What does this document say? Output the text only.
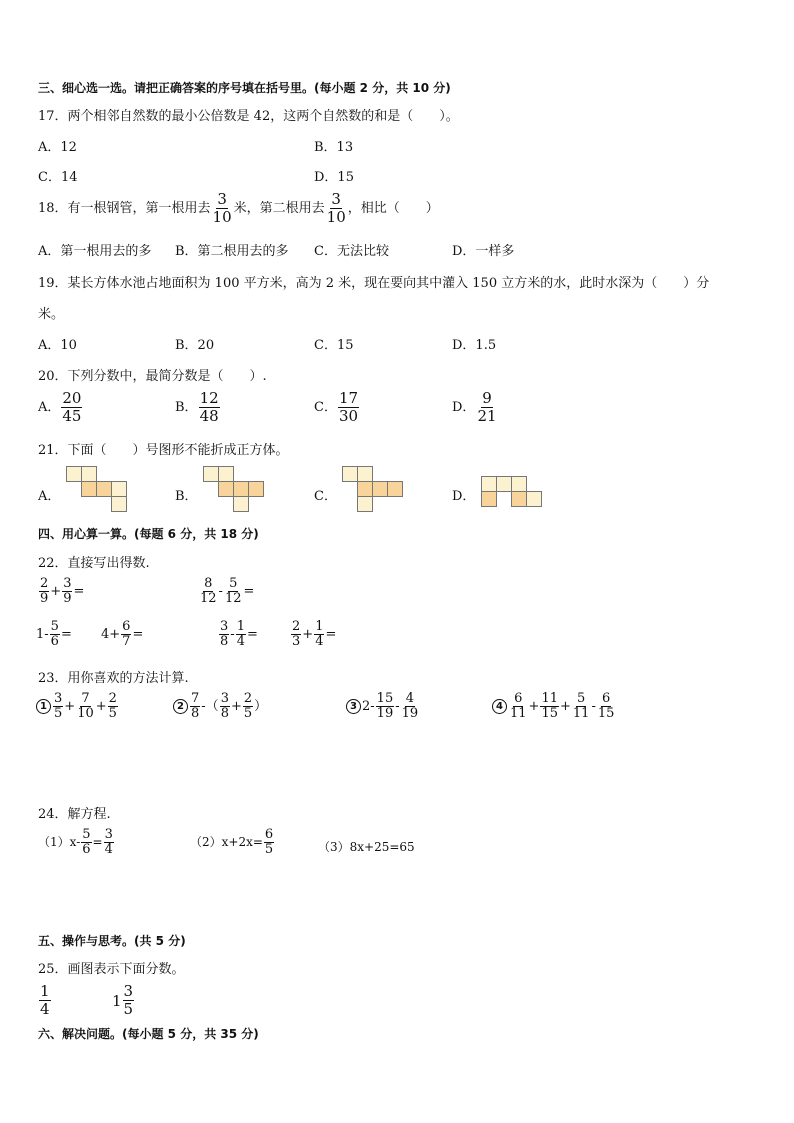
三、细心选一选。请把正确答案的序号填在括号里。(每小题 2 分，共 10 分)
17．两个相邻自然数的最小公倍数是 42，这两个自然数的和是（　　）。
A．12	B．13
C．14	D．15
18．有一根钢管，第一根用去 $\frac{3}{10}$ 米，第二根用去 $\frac{3}{10}$ ，相比（　　）
A．第一根用去的多 B．第二根用去的多 C．无法比较	D．一样多
19．某长方体水池占地面积为 100 平方米，高为 2 米，现在要向其中灌入 150 立方米的水，此时水深为（　　）分
米。
A．10	B．20	C．15	D．1.5
20．下列分数中，最简分数是（　　）.
A． $\frac{20}{45}$	B． $\frac{12}{48}$	C． $\frac{17}{30}$	D． $\frac{9}{21}$
21．下面（　　）号图形不能折成正方体。
A．	B．	C．	D．
四、用心算一算。(每题 6 分，共 18 分)
22．直接写出得数.
$\frac{2}{9} + \frac{3}{9}$ =	$\frac{8}{12} - \frac{5}{12}$ =
$1- \frac{5}{6} = 4+ \frac{6}{7}$ =	$\frac{3}{8} - \frac{1}{4}$ =	$\frac{2}{3} + \frac{1}{4}$ =
23．用你喜欢的方法计算.
$1 \frac{3}{5} + \frac{7}{10} + \frac{2}{5}$	$2 \frac{7}{8}$ -（ $\frac{3}{8} + \frac{2}{5}$ ）	3 $2- \frac{15}{19} - \frac{4}{19}$	$4 \frac{6}{11} + \frac{11}{15} + \frac{5}{11} - \frac{6}{15}$
24．解方程.
$(1)x- \frac{5}{6} = \frac{3}{4}$	$(2)x+2x= \frac{6}{5}$	（3）8x+25=65
五、操作与思考。(共 5 分)
25．画图表示下面分数。
$\frac{1}{4}$	$1 \frac{3}{5}$
六、解决问题。(每小题 5 分，共 35 分)
